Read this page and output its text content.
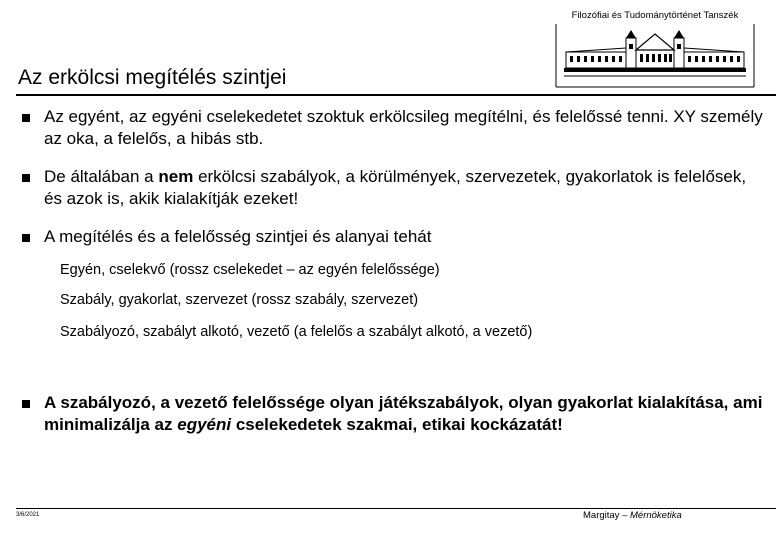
Az erkölcsi megítélés szintjei
Filozófiai és Tudománytörténet Tanszék
Az egyént, az egyéni cselekedetet szoktuk erkölcsileg megítélni, és felelőssé tenni. XY személy az oka, a felelős, a hibás stb.
De általában a nem erkölcsi szabályok, a körülmények, szervezetek, gyakorlatok is felelősek, és azok is, akik kialakítják ezeket!
A megítélés és a felelősség szintjei és alanyai tehát
Egyén, cselekvő (rossz cselekedet – az egyén felelőssége)
Szabály, gyakorlat, szervezet (rossz szabály, szervezet)
Szabályozó, szabályt alkotó, vezető (a felelős a szabályt alkotó, a vezető)
A szabályozó, a vezető felelőssége olyan játékszabályok, olyan gyakorlat kialakítása, ami minimalizálja az egyéni cselekedetek szakmai, etikai kockázatát!
3/6/2021	Margitay – Mérnöketika
